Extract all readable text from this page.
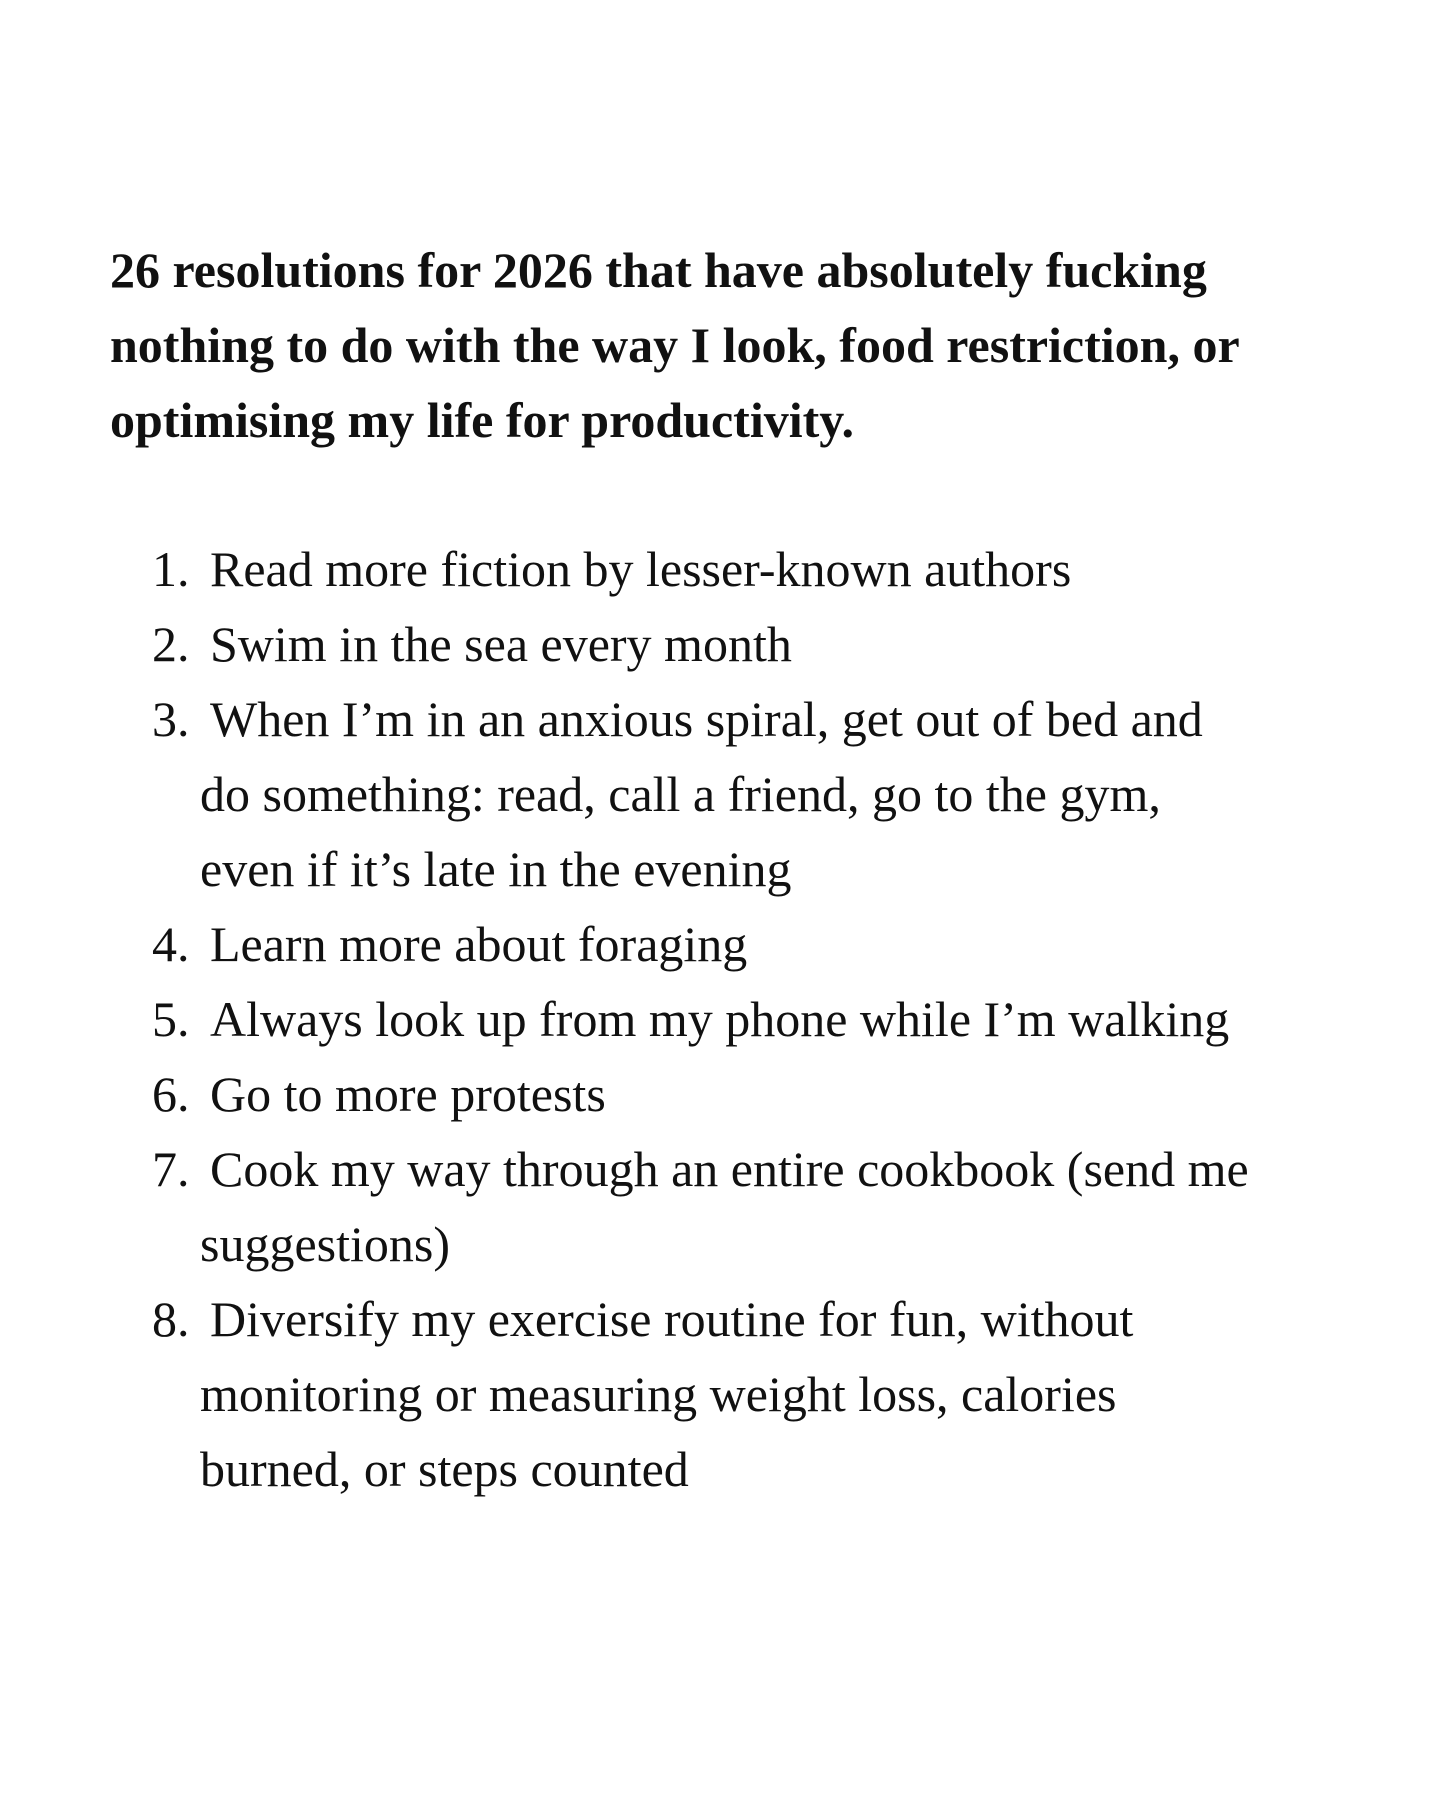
26 resolutions for 2026 that have absolutely fucking
nothing to do with the way I look, food restriction, or
optimising my life for productivity.
1. Read more fiction by lesser-known authors
2. Swim in the sea every month
3. When I’m in an anxious spiral, get out of bed and
do something: read, call a friend, go to the gym,
even if it’s late in the evening
4. Learn more about foraging
5. Always look up from my phone while I’m walking
6. Go to more protests
7. Cook my way through an entire cookbook (send me
suggestions)
8. Diversify my exercise routine for fun, without
monitoring or measuring weight loss, calories
burned, or steps counted
